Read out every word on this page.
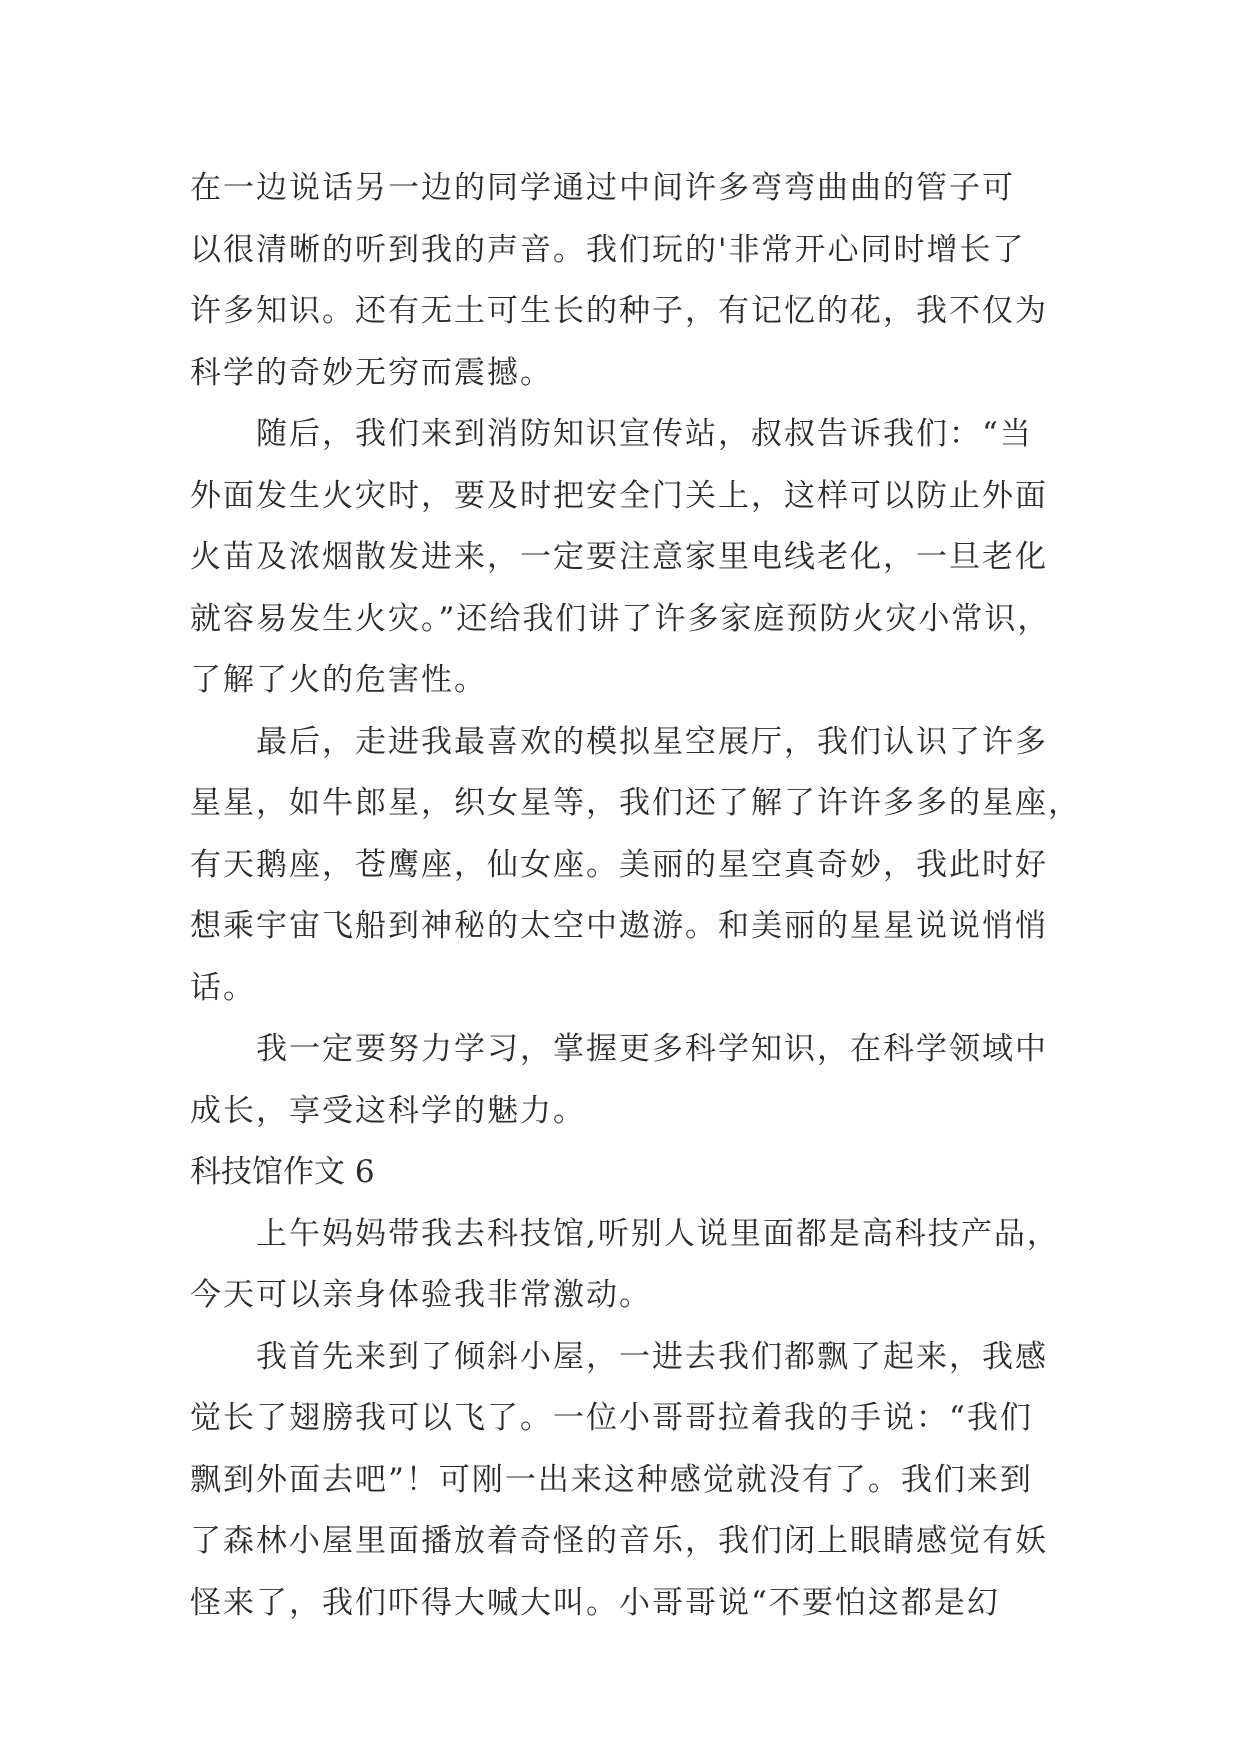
在一边说话另一边的同学通过中间许多弯弯曲曲的管子可
以很清晰的听到我的声音。我们玩的'非常开心同时增长了
许多知识。还有无土可生长的种子，有记忆的花，我不仅为
科学的奇妙无穷而震撼。
随后，我们来到消防知识宣传站，叔叔告诉我们：“当
外面发生火灾时，要及时把安全门关上，这样可以防止外面
火苗及浓烟散发进来，一定要注意家里电线老化，一旦老化
就容易发生火灾。”还给我们讲了许多家庭预防火灾小常识，
了解了火的危害性。
最后，走进我最喜欢的模拟星空展厅，我们认识了许多
星星，如牛郎星，织女星等，我们还了解了许许多多的星座，
有天鹅座，苍鹰座，仙女座。美丽的星空真奇妙，我此时好
想乘宇宙飞船到神秘的太空中遨游。和美丽的星星说说悄悄
话。
我一定要努力学习，掌握更多科学知识，在科学领域中
成长，享受这科学的魅力。
科技馆作文 6
上午妈妈带我去科技馆,听别人说里面都是高科技产品，
今天可以亲身体验我非常激动。
我首先来到了倾斜小屋，一进去我们都飘了起来，我感
觉长了翅膀我可以飞了。一位小哥哥拉着我的手说：“我们
飘到外面去吧”！可刚一出来这种感觉就没有了。我们来到
了森林小屋里面播放着奇怪的音乐，我们闭上眼睛感觉有妖
怪来了，我们吓得大喊大叫。小哥哥说“不要怕这都是幻
